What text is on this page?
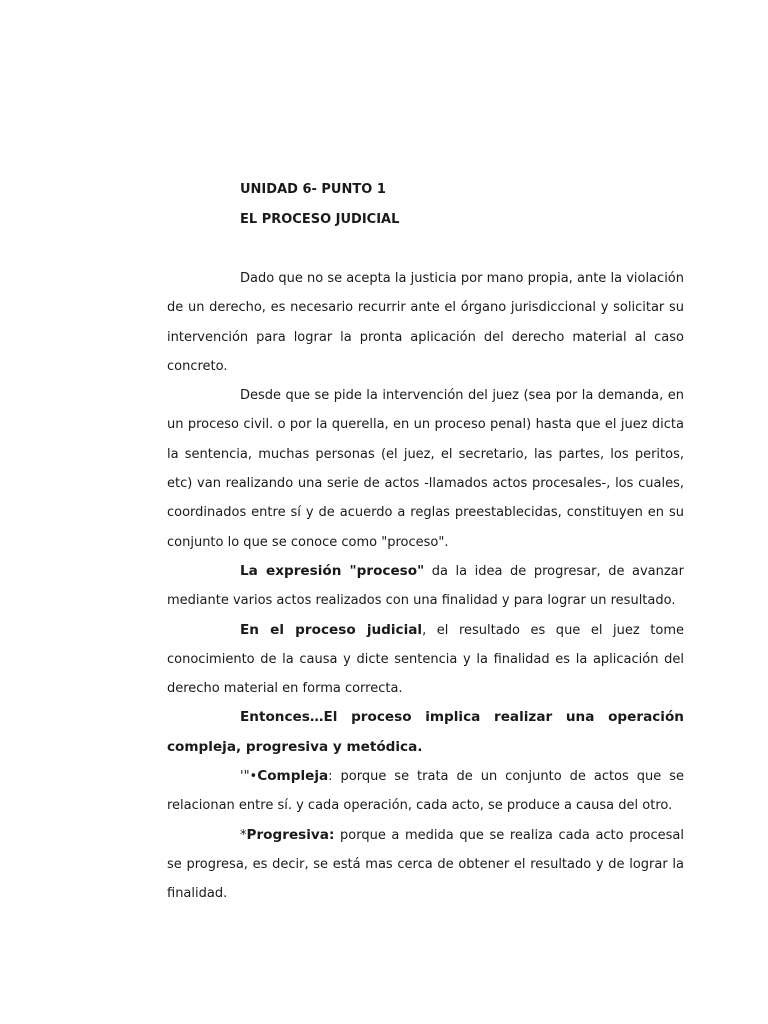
UNIDAD 6- PUNTO 1
EL PROCESO JUDICIAL

Dado que no se acepta la justicia por mano propia, ante la violación de un derecho, es necesario recurrir ante el órgano jurisdiccional y solicitar su intervención para lograr la pronta aplicación del derecho material al caso concreto.

Desde que se pide la intervención del juez (sea por la demanda, en un proceso civil. o por la querella, en un proceso penal) hasta que el juez dicta la sentencia, muchas personas (el juez, el secretario, las partes, los peritos, etc) van realizando una serie de actos -llamados actos procesales-, los cuales, coordinados entre sí y de acuerdo a reglas preestablecidas, constituyen en su conjunto lo que se conoce como "proceso".

La expresión "proceso" da la idea de progresar, de avanzar mediante varios actos realizados con una finalidad y para lograr un resultado.

En el proceso judicial, el resultado es que el juez tome conocimiento de la causa y dicte sentencia y la finalidad es la aplicación del derecho material en forma correcta.

Entonces…El proceso implica realizar una operación compleja, progresiva y metódica.

'"•Compleja: porque se trata de un conjunto de actos que se relacionan entre sí. y cada operación, cada acto, se produce a causa del otro.

*Progresiva: porque a medida que se realiza cada acto procesal se progresa, es decir, se está mas cerca de obtener el resultado y de lograr la finalidad.
